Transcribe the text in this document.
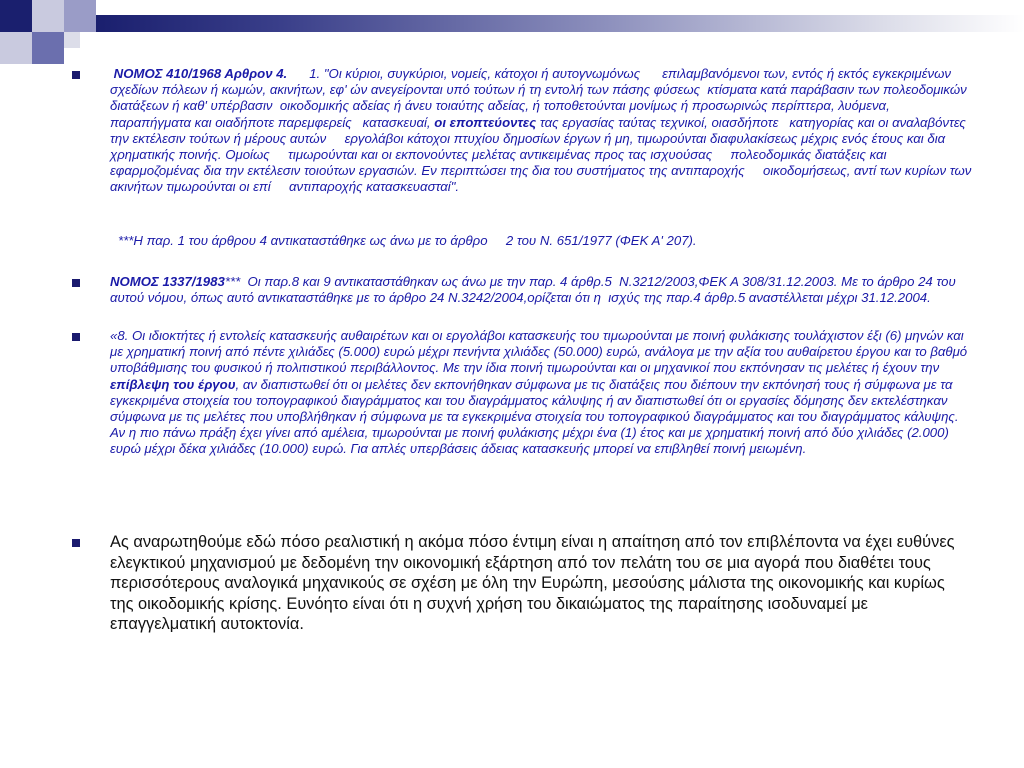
ΝΟΜΟΣ 410/1968 Αρθρον 4.      1. "Οι κύριοι, συγκύριοι, νομείς, κάτοχοι ή αυτογνωμόνως      επιλαμβανόμενοι των, εντός ή εκτός εγκεκριμένων σχεδίων πόλεων ή κωμών, ακινήτων, εφ' ών ανεγείρονται υπό τούτων ή τη εντολή των πάσης φύσεως  κτίσματα κατά παράβασιν των πολεοδομικών διατάξεων ή καθ' υπέρβασιν  οικοδομικής αδείας ή άνευ τοιαύτης αδείας, ή τοποθετούνται μονίμως ή προσωρινώς περίπτερα, λυόμενα, παραπήγματα και οιαδήποτε παρεμφερείς   κατασκευαί, οι εποπτεύοντες τας εργασίας ταύτας τεχνικοί, οιασδήποτε   κατηγορίας και οι αναλαβόντες την εκτέλεσιν τούτων ή μέρους αυτών     εργολάβοι κάτοχοι πτυχίου δημοσίων έργων ή μη, τιμωρούνται διαφυλακίσεως μέχρις ενός έτους και δια χρηματικής ποινής. Ομοίως     τιμωρούνται και οι εκπονούντες μελέτας αντικειμένας προς τας ισχυούσας     πολεοδομικάς διατάξεις και εφαρμοζομένας δια την εκτέλεσιν τοιούτων εργασιών. Εν περιπτώσει της δια του συστήματος της αντιπαροχής     οικοδομήσεως, αντί των κυρίων των ακινήτων τιμωρούνται οι επί     αντιπαροχής κατασκευασταί".

***Η παρ. 1 του άρθρου 4 αντικαταστάθηκε ως άνω με το άρθρο     2 του Ν. 651/1977 (ΦΕΚ Α' 207).

ΝΟΜΟΣ 1337/1983***  Οι παρ.8 και 9 αντικαταστάθηκαν ως άνω με την παρ. 4 άρθρ.5  Ν.3212/2003,ΦΕΚ Α 308/31.12.2003. Με το άρθρο 24 του αυτού νόμου, όπως αυτό αντικαταστάθηκε με το άρθρο 24 Ν.3242/2004,ορίζεται ότι η  ισχύς της παρ.4 άρθρ.5 αναστέλλεται μέχρι 31.12.2004.

«8. Οι ιδιοκτήτες ή εντολείς κατασκευής αυθαιρέτων και οι εργολάβοι κατασκευής του τιμωρούνται με ποινή φυλάκισης τουλάχιστον έξι (6) μηνών και με χρηματική ποινή από πέντε χιλιάδες (5.000) ευρώ μέχρι πενήντα χιλιάδες (50.000) ευρώ, ανάλογα με την αξία του αυθαίρετου έργου και το βαθμό υποβάθμισης του φυσικού ή πολιτιστικού περιβάλλοντος. Με την ίδια ποινή τιμωρούνται και οι μηχανικοί που εκπόνησαν τις μελέτες ή έχουν την επίβλεψη του έργου, αν διαπιστωθεί ότι οι μελέτες δεν εκπονήθηκαν σύμφωνα με τις διατάξεις που διέπουν την εκπόνησή τους ή σύμφωνα με τα εγκεκριμένα στοιχεία του τοπογραφικού διαγράμματος και του διαγράμματος κάλυψης ή αν διαπιστωθεί ότι οι εργασίες δόμησης δεν εκτελέστηκαν σύμφωνα με τις μελέτες που υποβλήθηκαν ή σύμφωνα με τα εγκεκριμένα στοιχεία του τοπογραφικού διαγράμματος και του διαγράμματος κάλυψης. Αν η πιο πάνω πράξη έχει γίνει από αμέλεια, τιμωρούνται με ποινή φυλάκισης μέχρι ένα (1) έτος και με χρηματική ποινή από δύο χιλιάδες (2.000) ευρώ μέχρι δέκα χιλιάδες (10.000) ευρώ. Για απλές υπερβάσεις άδειας κατασκευής μπορεί να επιβληθεί ποινή μειωμένη.

Ας αναρωτηθούμε εδώ πόσο ρεαλιστική η ακόμα πόσο έντιμη είναι η απαίτηση από τον επιβλέποντα να έχει ευθύνες ελεγκτικού μηχανισμού με δεδομένη την οικονομική εξάρτηση από τον πελάτη του σε μια αγορά που διαθέτει τους περισσότερους αναλογικά μηχανικούς σε σχέση με όλη την Ευρώπη, μεσούσης μάλιστα της οικονομικής και κυρίως της οικοδομικής κρίσης. Ευνόητο είναι ότι η συχνή χρήση του δικαιώματος της παραίτησης ισοδυναμεί με επαγγελματική αυτοκτονία.
